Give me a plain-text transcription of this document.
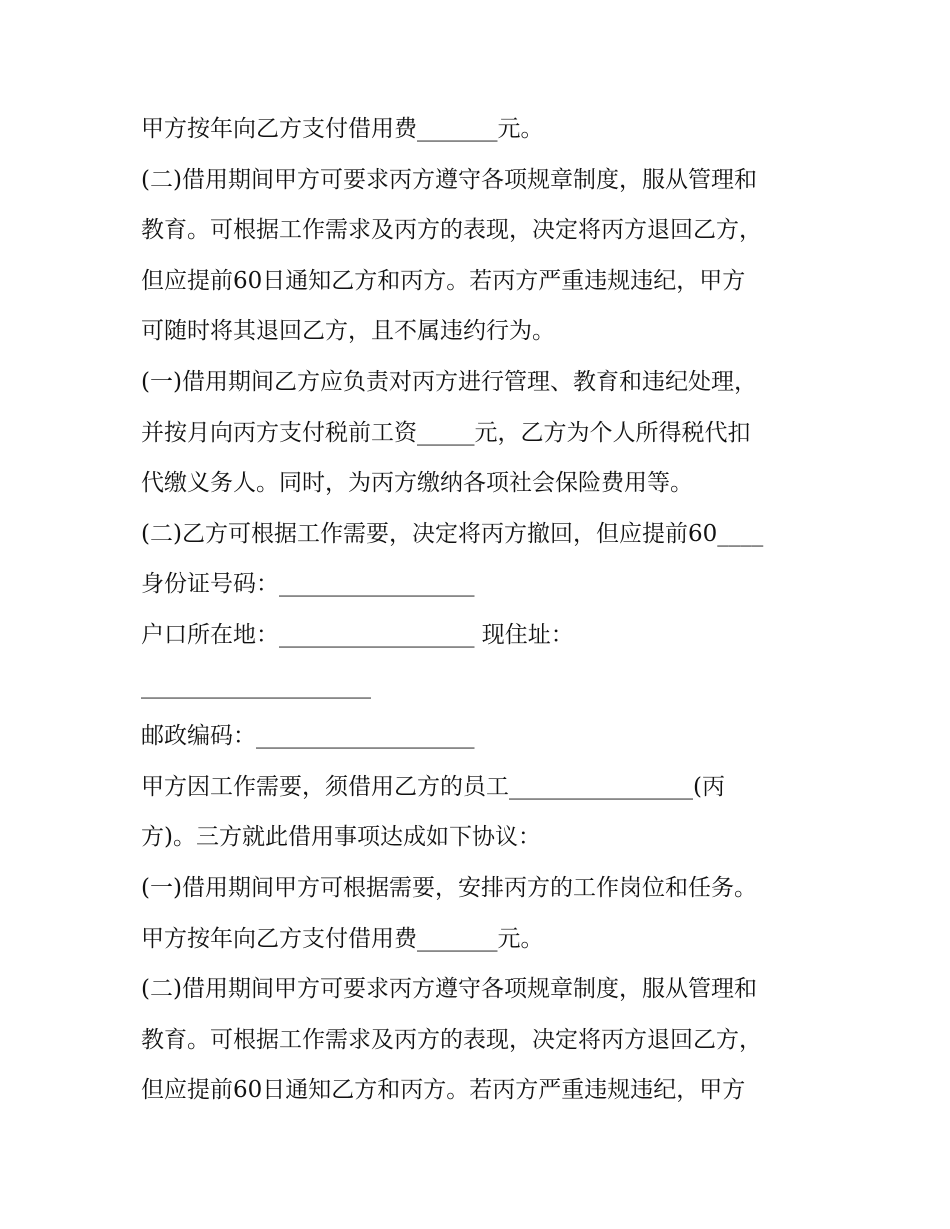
甲方按年向乙方支付借用费_______元。
(二)借用期间甲方可要求丙方遵守各项规章制度，服从管理和
教育。可根据工作需求及丙方的表现，决定将丙方退回乙方，
但应提前60日通知乙方和丙方。若丙方严重违规违纪，甲方
可随时将其退回乙方，且不属违约行为。
(一)借用期间乙方应负责对丙方进行管理、教育和违纪处理，
并按月向丙方支付税前工资_____元，乙方为个人所得税代扣
代缴义务人。同时，为丙方缴纳各项社会保险费用等。
(二)乙方可根据工作需要，决定将丙方撤回，但应提前60____
身份证号码：_________________
户口所在地：_________________ 现住址：
____________________
邮政编码：___________________
甲方因工作需要，须借用乙方的员工________________(丙
方)。三方就此借用事项达成如下协议：
(一)借用期间甲方可根据需要，安排丙方的工作岗位和任务。
甲方按年向乙方支付借用费_______元。
(二)借用期间甲方可要求丙方遵守各项规章制度，服从管理和
教育。可根据工作需求及丙方的表现，决定将丙方退回乙方，
但应提前60日通知乙方和丙方。若丙方严重违规违纪，甲方
